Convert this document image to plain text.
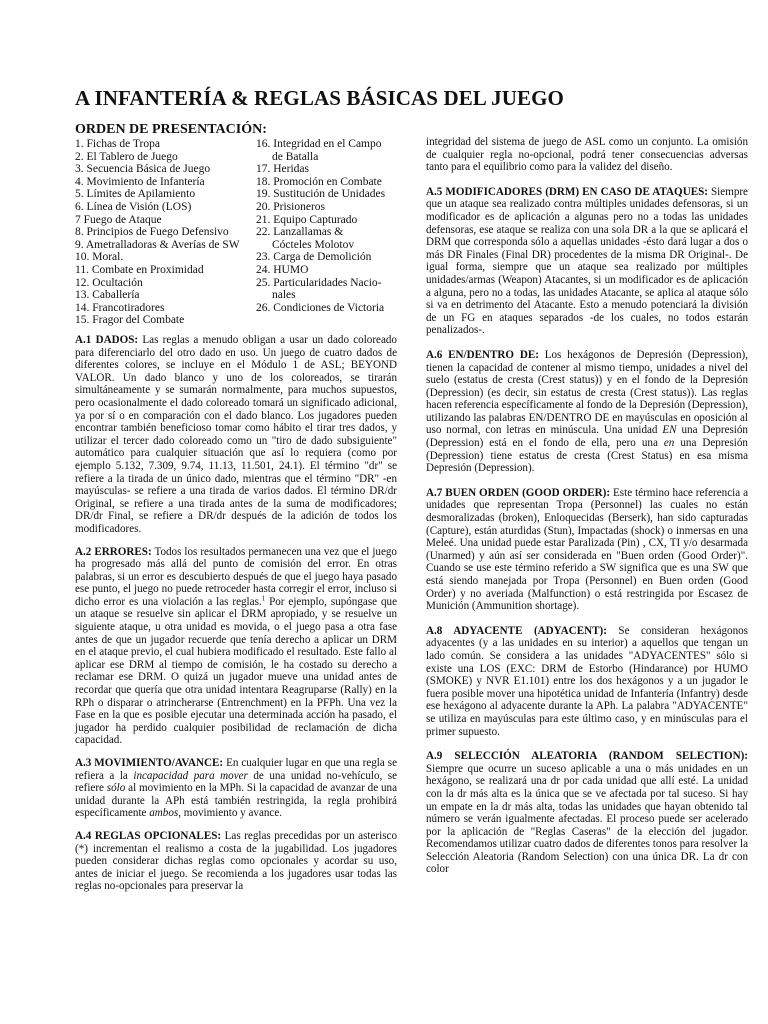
A INFANTERÍA & REGLAS BÁSICAS DEL JUEGO
ORDEN DE PRESENTACIÓN:
1. Fichas de Tropa
2. El Tablero de Juego
3. Secuencia Básica de Juego
4. Movimiento de Infantería
5. Límites de Apilamiento
6. Línea de Visión (LOS)
7 Fuego de Ataque
8. Principios de Fuego Defensivo
9. Ametralladoras & Averías de SW
10. Moral.
11. Combate en Proximidad
12. Ocultación
13. Caballería
14. Francotiradores
15. Fragor del Combate
16. Integridad en el Campo
de Batalla
17. Heridas
18. Promoción en Combate
19. Sustitución de Unidades
20. Prisioneros
21. Equipo Capturado
22. Lanzallamas &
Cócteles Molotov
23. Carga de Demolición
24. HUMO
25. Particularidades Nacio-
nales
26. Condiciones de Victoria

A.1 DADOS: Las reglas a menudo obligan a usar un dado coloreado para diferenciarlo del otro dado en uso. Un juego de cuatro dados de diferentes colores, se incluye en el Módulo 1 de ASL; BEYOND VALOR. Un dado blanco y uno de los coloreados, se tirarán simultáneamente y se sumarán normalmente, para muchos supuestos, pero ocasionalmente el dado coloreado tomará un significado adicional, ya por sí o en comparación con el dado blanco. Los jugadores pueden encontrar también beneficioso tomar como hábito el tirar tres dados, y utilizar el tercer dado coloreado como un "tiro de dado subsiguiente" automático para cualquier situación que así lo requiera (como por ejemplo 5.132, 7.309, 9.74, 11.13, 11.501, 24.1). El término "dr" se refiere a la tirada de un único dado, mientras que el término "DR" -en mayúsculas- se refiere a una tirada de varios dados. El término DR/dr Original, se refiere a una tirada antes de la suma de modificadores; DR/dr Final, se refiere a DR/dr después de la adición de todos los modificadores.

A.2 ERRORES: Todos los resultados permanecen una vez que el juego ha progresado más allá del punto de comisión del error. En otras palabras, si un error es descubierto después de que el juego haya pasado ese punto, el juego no puede retroceder hasta corregir el error, incluso si dicho error es una violación a las reglas.$^1$ Por ejemplo, supóngase que un ataque se resuelve sin aplicar el DRM apropiado, y se resuelve un siguiente ataque, u otra unidad es movida, o el juego pasa a otra fase antes de que un jugador recuerde que tenía derecho a aplicar un DRM en el ataque previo, el cual hubiera modificado el resultado. Este fallo al aplicar ese DRM al tiempo de comisión, le ha costado su derecho a reclamar ese DRM. O quizá un jugador mueve una unidad antes de recordar que quería que otra unidad intentara Reagruparse (Rally) en la RPh o disparar o atrincherarse (Entrenchment) en la PFPh. Una vez la Fase en la que es posible ejecutar una determinada acción ha pasado, el jugador ha perdido cualquier posibilidad de reclamación de dicha capacidad.

A.3 MOVIMIENTO/AVANCE: En cualquier lugar en que una regla se refiera a la incapacidad para mover de una unidad no-vehículo, se refiere sólo al movimiento en la MPh. Si la capacidad de avanzar de una unidad durante la APh está también restringida, la regla prohibirá específicamente ambos, movimiento y avance.

A.4 REGLAS OPCIONALES: Las reglas precedidas por un asterisco (*) incrementan el realismo a costa de la jugabilidad. Los jugadores pueden considerar dichas reglas como opcionales y acordar su uso, antes de iniciar el juego. Se recomienda a los jugadores usar todas las reglas no-opcionales para preservar la

integridad del sistema de juego de ASL como un conjunto. La omisión de cualquier regla no-opcional, podrá tener consecuencias adversas tanto para el equilibrio como para la validez del diseño.

A.5 MODIFICADORES (DRM) EN CASO DE ATAQUES: Siempre que un ataque sea realizado contra múltiples unidades defensoras, si un modificador es de aplicación a algunas pero no a todas las unidades defensoras, ese ataque se realiza con una sola DR a la que se aplicará el DRM que corresponda sólo a aquellas unidades -ésto dará lugar a dos o más DR Finales (Final DR) procedentes de la misma DR Original-. De igual forma, siempre que un ataque sea realizado por múltiples unidades/armas (Weapon) Atacantes, si un modificador es de aplicación a alguna, pero no a todas, las unidades Atacante, se aplica al ataque sólo si va en detrimento del Atacante. Esto a menudo potenciará la división de un FG en ataques separados -de los cuales, no todos estarán penalizados-.

A.6 EN/DENTRO DE: Los hexágonos de Depresión (Depression), tienen la capacidad de contener al mismo tiempo, unidades a nivel del suelo (estatus de cresta (Crest status)) y en el fondo de la Depresión (Depression) (es decir, sin estatus de cresta (Crest status)). Las reglas hacen referencia específicamente al fondo de la Depresión (Depression), utilizando las palabras EN/DENTRO DE en mayúsculas en oposición al uso normal, con letras en minúscula. Una unidad EN una Depresión (Depression) está en el fondo de ella, pero una en una Depresión (Depression) tiene estatus de cresta (Crest Status) en esa misma Depresión (Depression).

A.7 BUEN ORDEN (GOOD ORDER): Este término hace referencia a unidades que representan Tropa (Personnel) las cuales no están desmoralizadas (broken), Enloquecidas (Berserk), han sido capturadas (Capture), están aturdidas (Stun), Impactadas (shock) o inmersas en una Meleé. Una unidad puede estar Paralizada (Pin) , CX, TI y/o desarmada (Unarmed) y aún así ser considerada en "Buen orden (Good Order)". Cuando se use este término referido a SW significa que es una SW que está siendo manejada por Tropa (Personnel) en Buen orden (Good Order) y no averiada (Malfunction) o está restringida por Escasez de Munición (Ammunition shortage).

A.8 ADYACENTE (ADYACENT): Se consideran hexágonos adyacentes (y a las unidades en su interior) a aquellos que tengan un lado común. Se considera a las unidades "ADYACENTES" sólo si existe una LOS (EXC: DRM de Estorbo (Hindarance) por HUMO (SMOKE) y NVR E1.101) entre los dos hexágonos y a un jugador le fuera posible mover una hipotética unidad de Infantería (Infantry) desde ese hexágono al adyacente durante la APh. La palabra "ADYACENTE" se utiliza en mayúsculas para este último caso, y en minúsculas para el primer supuesto.

A.9 SELECCIÓN ALEATORIA (RANDOM SELECTION): Siempre que ocurre un suceso aplicable a una o más unidades en un hexágono, se realizará una dr por cada unidad que allí esté. La unidad con la dr más alta es la única que se ve afectada por tal suceso. Si hay un empate en la dr más alta, todas las unidades que hayan obtenido tal número se verán igualmente afectadas. El proceso puede ser acelerado por la aplicación de "Reglas Caseras" de la elección del jugador. Recomendamos utilizar cuatro dados de diferentes tonos para resolver la Selección Aleatoria (Random Selection) con una única DR. La dr con color
